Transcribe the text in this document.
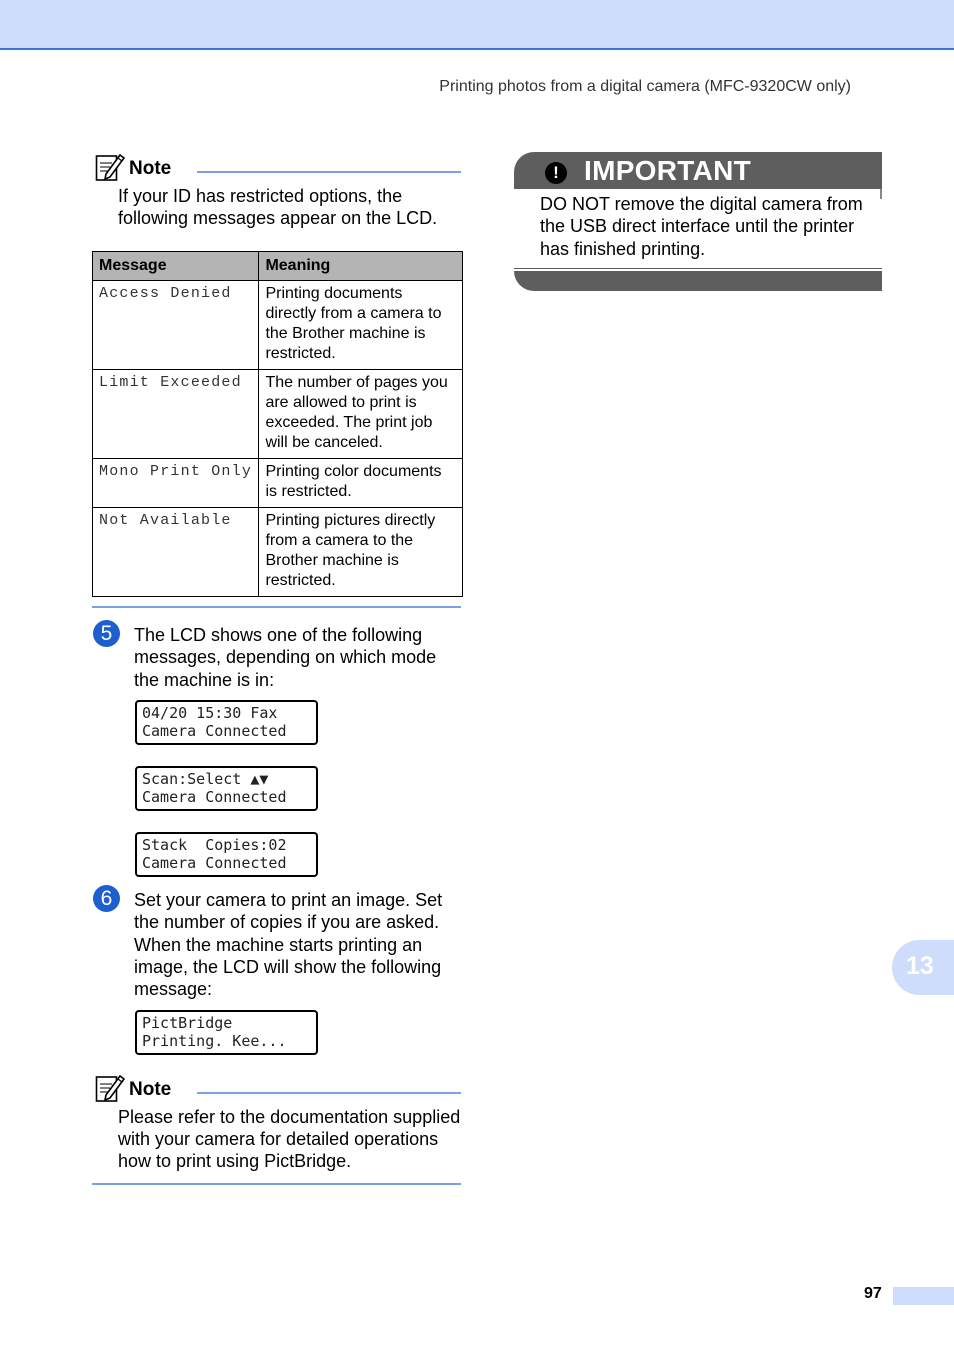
Printing photos from a digital camera (MFC-9320CW only)
Note
If your ID has restricted options, the following messages appear on the LCD.
Message	Meaning
Access Denied	Printing documents directly from a camera to the Brother machine is restricted.
Limit Exceeded	The number of pages you are allowed to print is exceeded. The print job will be canceled.
Mono Print Only	Printing color documents is restricted.
Not Available	Printing pictures directly from a camera to the Brother machine is restricted.
5	The LCD shows one of the following messages, depending on which mode the machine is in:
04/20 15:30 Fax
Camera Connected
Scan:Select ▲▼
Camera Connected
Stack  Copies:02
Camera Connected
6	Set your camera to print an image. Set the number of copies if you are asked. When the machine starts printing an image, the LCD will show the following message:
PictBridge
Printing. Kee...
Note
Please refer to the documentation supplied with your camera for detailed operations how to print using PictBridge.
! IMPORTANT
DO NOT remove the digital camera from the USB direct interface until the printer has finished printing.
13
97
